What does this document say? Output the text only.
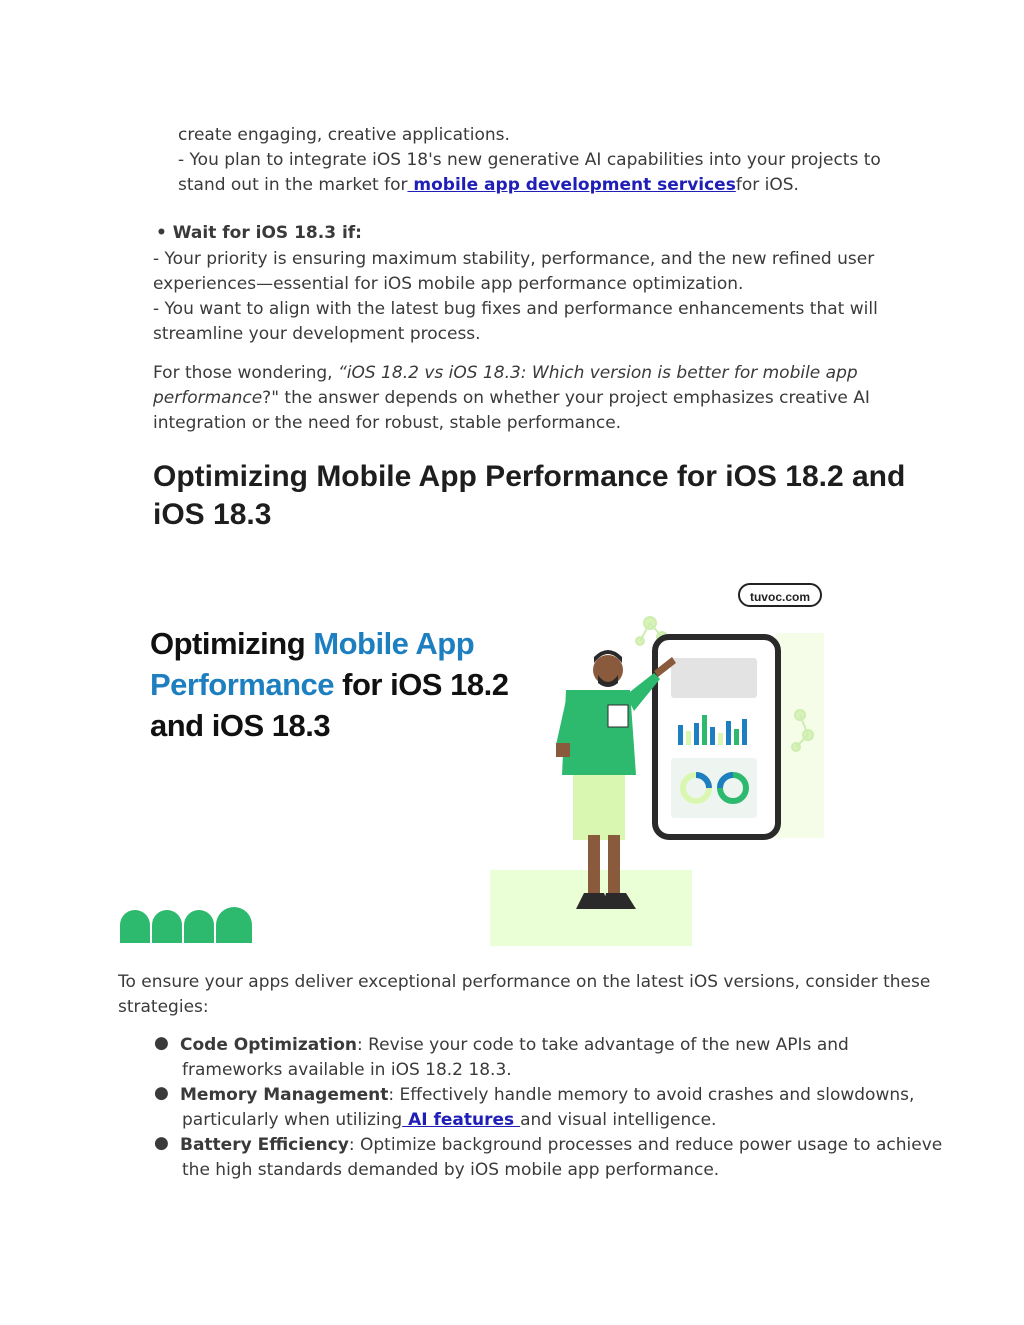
create engaging, creative applications.
- You plan to integrate iOS 18's new generative AI capabilities into your projects to
stand out in the market for mobile app development servicesfor iOS.
• Wait for iOS 18.3 if:
- Your priority is ensuring maximum stability, performance, and the new refined user
experiences—essential for iOS mobile app performance optimization.
- You want to align with the latest bug fixes and performance enhancements that will
streamline your development process.
For those wondering, “iOS 18.2 vs iOS 18.3: Which version is better for mobile app
performance?" the answer depends on whether your project emphasizes creative AI
integration or the need for robust, stable performance.
Optimizing Mobile App Performance for iOS 18.2 and iOS 18.3
tuvoc.com
Optimizing Mobile App
Performance for iOS 18.2
and iOS 18.3
To ensure your apps deliver exceptional performance on the latest iOS versions, consider these
strategies:
● Code Optimization: Revise your code to take advantage of the new APIs and
frameworks available in iOS 18.2 18.3.
● Memory Management: Effectively handle memory to avoid crashes and slowdowns,
particularly when utilizing AI features and visual intelligence.
● Battery Efficiency: Optimize background processes and reduce power usage to achieve
the high standards demanded by iOS mobile app performance.
